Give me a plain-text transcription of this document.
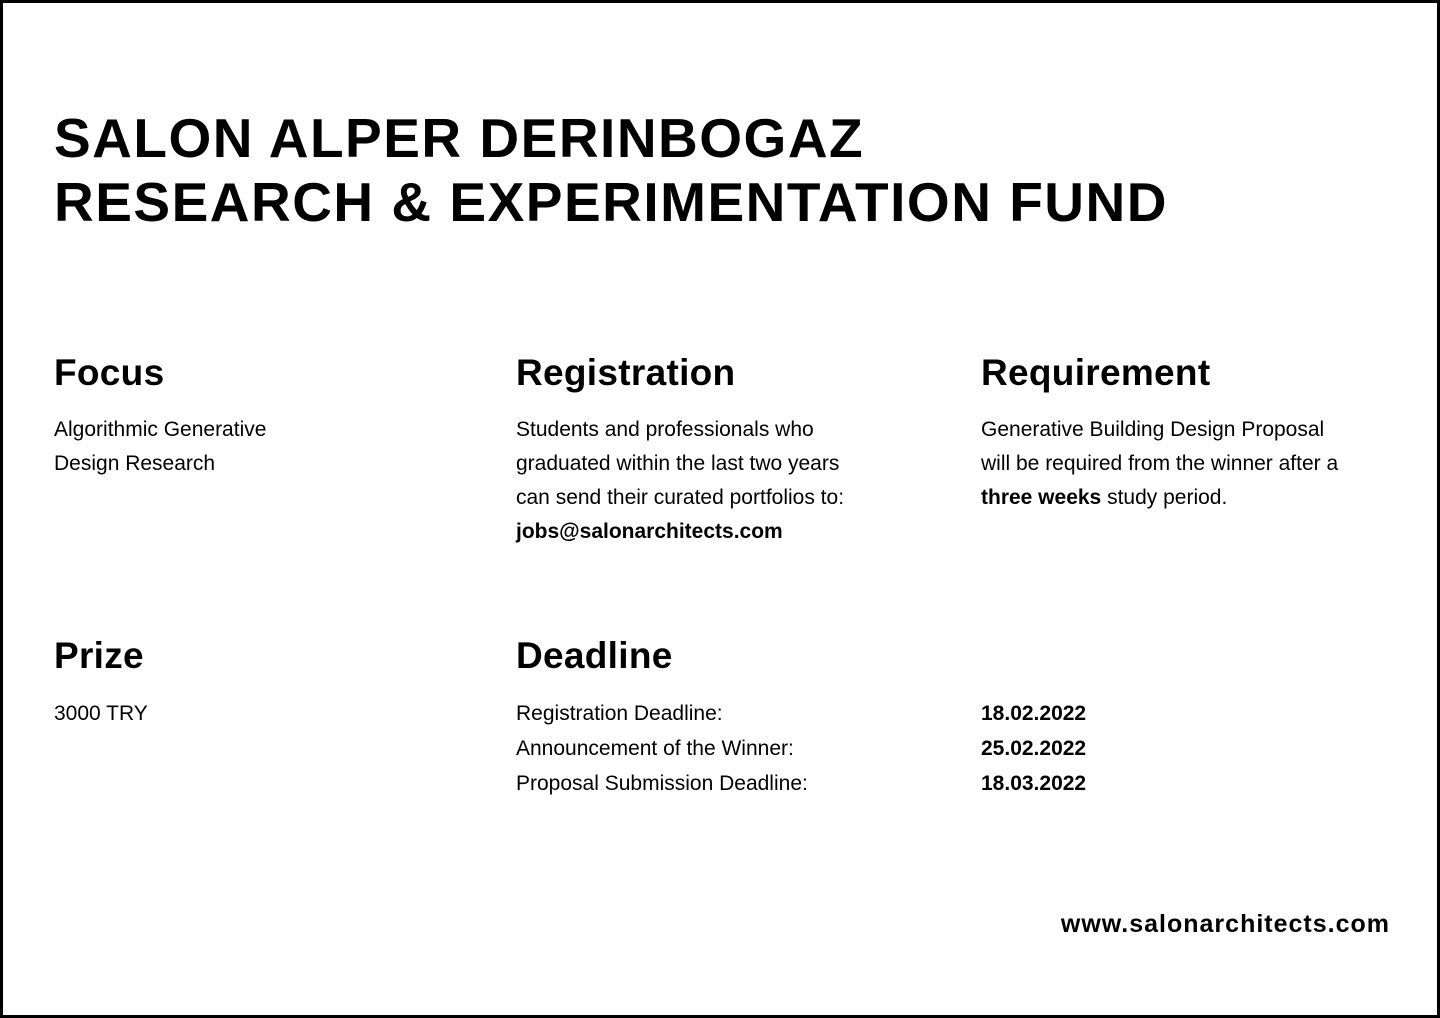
SALON ALPER DERINBOGAZ
RESEARCH & EXPERIMENTATION FUND
Focus
Algorithmic Generative
Design Research
Registration
Students and professionals who
graduated within the last two years
can send their curated portfolios to:
jobs@salonarchitects.com
Requirement
Generative Building Design Proposal
will be required from the winner after a
three weeks study period.
Prize
3000 TRY
Deadline
Registration Deadline:	18.02.2022
Announcement of the Winner:	25.02.2022
Proposal Submission Deadline:	18.03.2022
www.salonarchitects.com
